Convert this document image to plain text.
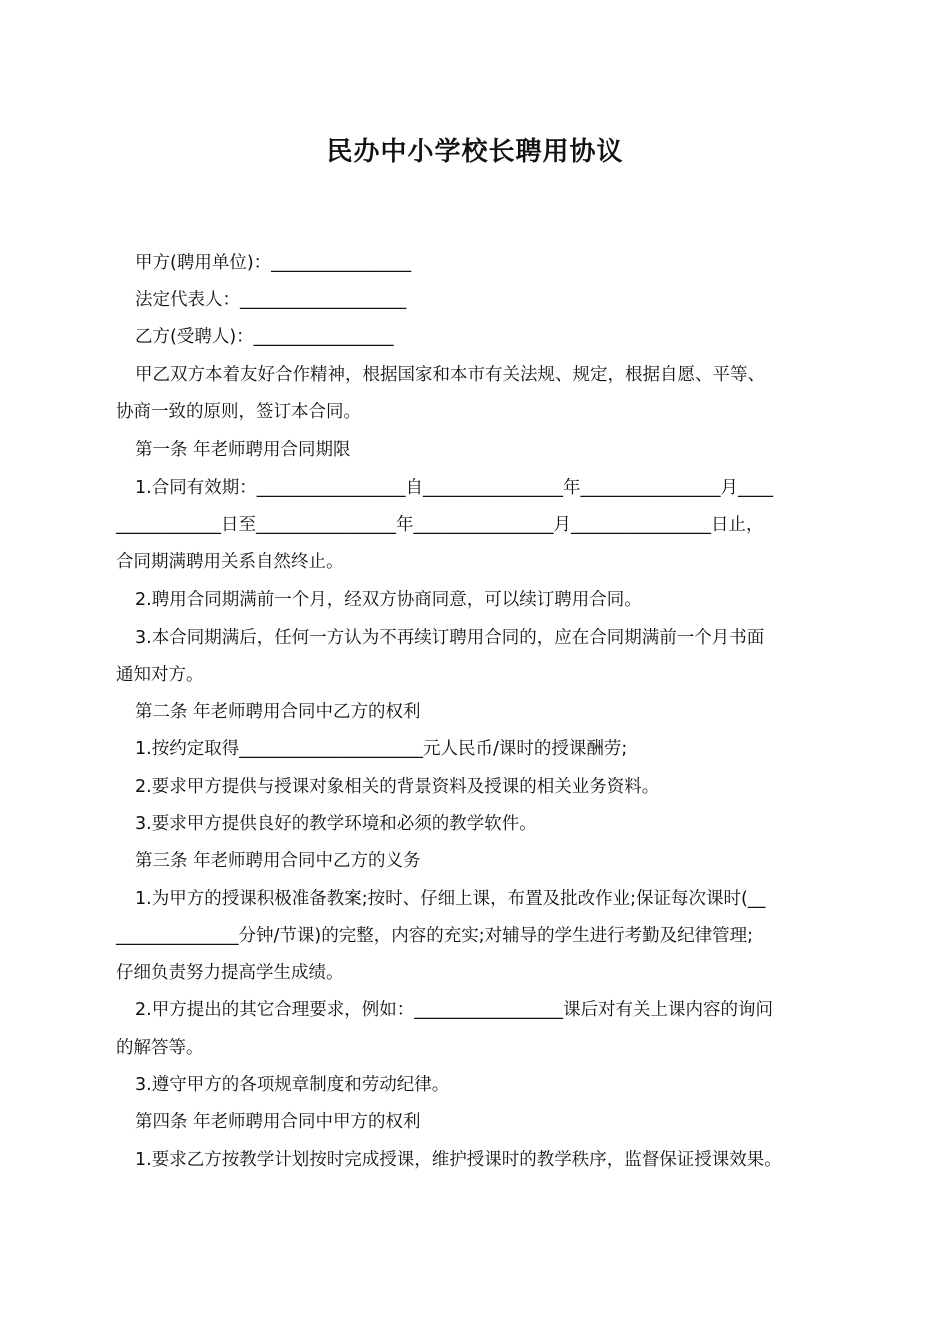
民办中小学校长聘用协议
甲方(聘用单位)：________________
法定代表人：___________________
乙方(受聘人)：________________
甲乙双方本着友好合作精神，根据国家和本市有关法规、规定，根据自愿、平等、
协商一致的原则，签订本合同。
第一条 年老师聘用合同期限
1.合同有效期：_________________自________________年________________月____
____________日至________________年________________月________________日止，
合同期满聘用关系自然终止。
2.聘用合同期满前一个月，经双方协商同意，可以续订聘用合同。
3.本合同期满后，任何一方认为不再续订聘用合同的，应在合同期满前一个月书面
通知对方。
第二条 年老师聘用合同中乙方的权利
1.按约定取得_____________________元人民币/课时的授课酬劳;
2.要求甲方提供与授课对象相关的背景资料及授课的相关业务资料。
3.要求甲方提供良好的教学环境和必须的教学软件。
第三条 年老师聘用合同中乙方的义务
1.为甲方的授课积极准备教案;按时、仔细上课，布置及批改作业;保证每次课时(__
______________分钟/节课)的完整，内容的充实;对辅导的学生进行考勤及纪律管理;
仔细负责努力提高学生成绩。
2.甲方提出的其它合理要求，例如：_________________课后对有关上课内容的询问
的解答等。
3.遵守甲方的各项规章制度和劳动纪律。
第四条 年老师聘用合同中甲方的权利
1.要求乙方按教学计划按时完成授课，维护授课时的教学秩序，监督保证授课效果。
